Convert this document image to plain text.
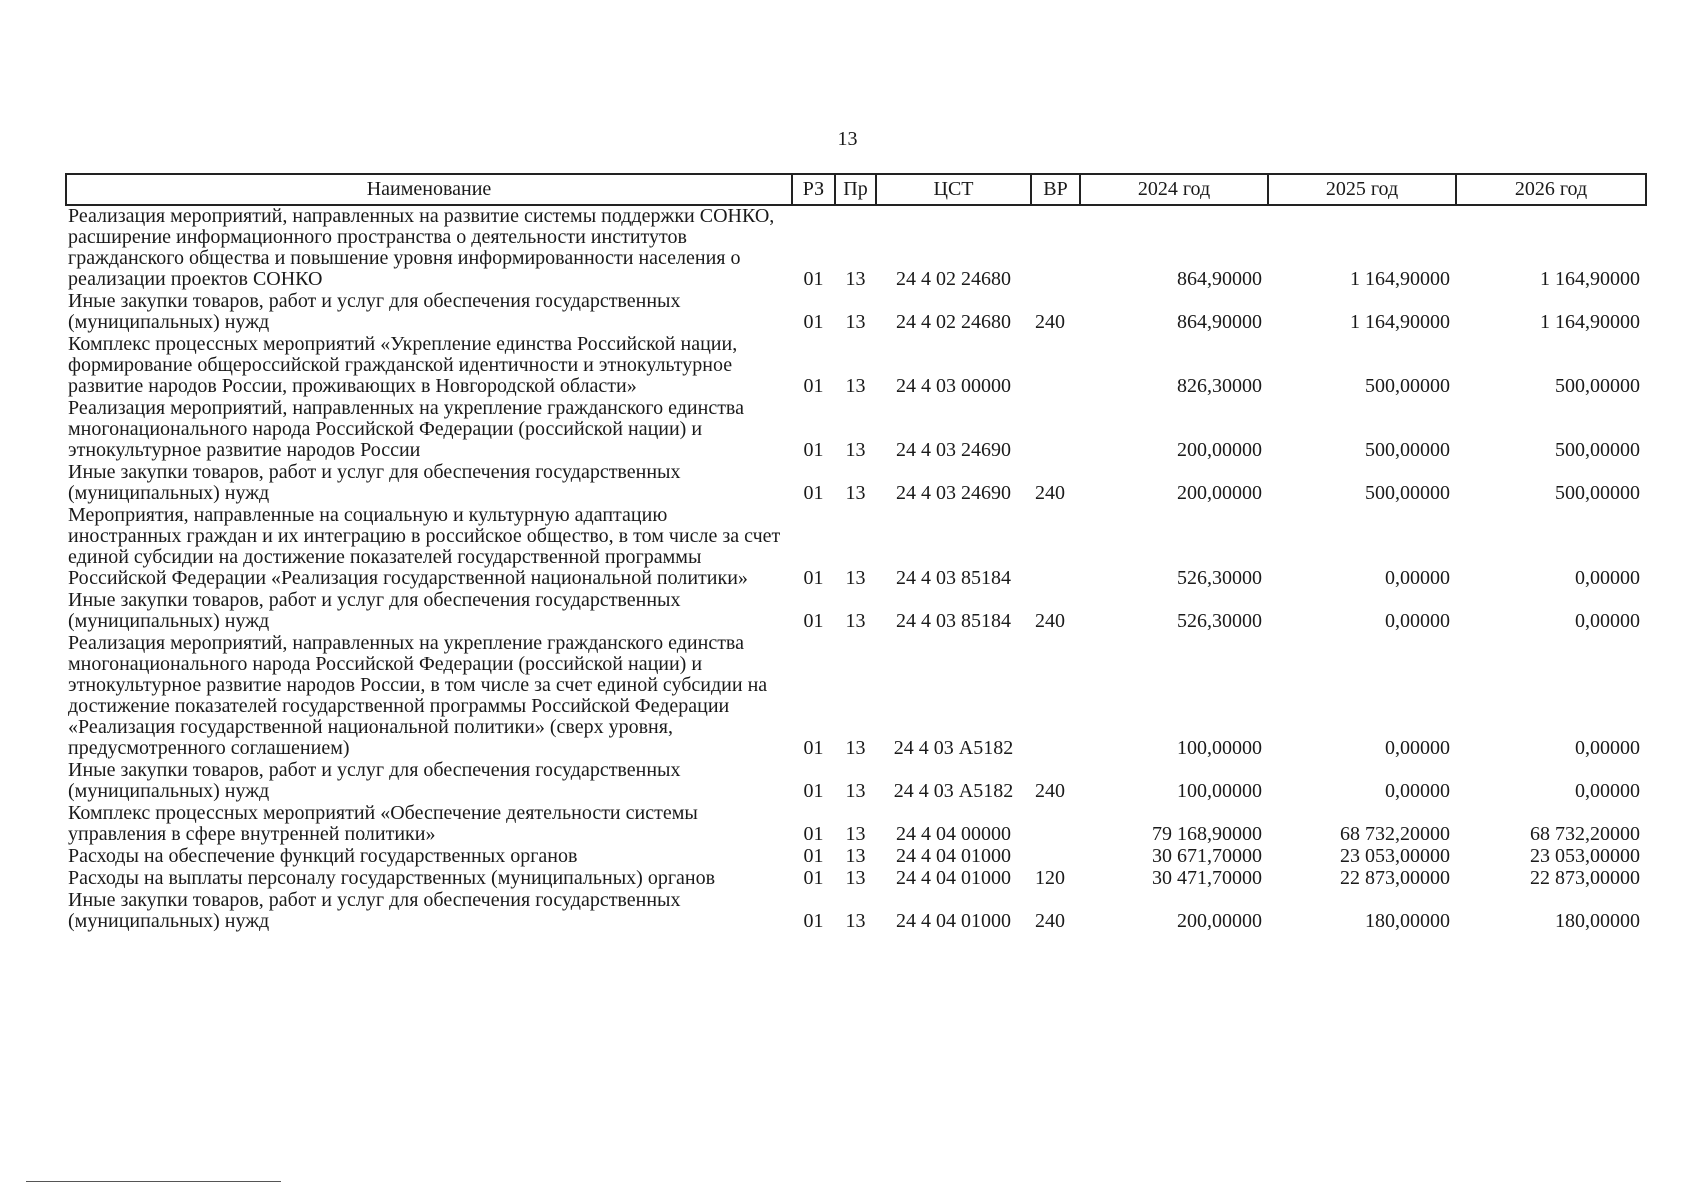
13
Наименование	РЗ	Пр	ЦСТ	ВР	2024 год	2025 год	2026 год
Реализация мероприятий, направленных на развитие системы поддержки СОНКО, расширение информационного пространства о деятельности институтов гражданского общества и повышение уровня информированности населения о реализации проектов СОНКО	01	13	24 4 02 24680		864,90000	1 164,90000	1 164,90000
Иные закупки товаров, работ и услуг для обеспечения государственных (муниципальных) нужд	01	13	24 4 02 24680	240	864,90000	1 164,90000	1 164,90000
Комплекс процессных мероприятий «Укрепление единства Российской нации, формирование общероссийской гражданской идентичности и этнокультурное развитие народов России, проживающих в Новгородской области»	01	13	24 4 03 00000		826,30000	500,00000	500,00000
Реализация мероприятий, направленных на укрепление гражданского единства многонационального народа Российской Федерации (российской нации) и этнокультурное развитие народов России	01	13	24 4 03 24690		200,00000	500,00000	500,00000
Иные закупки товаров, работ и услуг для обеспечения государственных (муниципальных) нужд	01	13	24 4 03 24690	240	200,00000	500,00000	500,00000
Мероприятия, направленные на социальную и культурную адаптацию иностранных граждан и их интеграцию в российское общество, в том числе за счет единой субсидии на достижение показателей государственной программы Российской Федерации «Реализация государственной национальной политики»	01	13	24 4 03 85184		526,30000	0,00000	0,00000
Иные закупки товаров, работ и услуг для обеспечения государственных (муниципальных) нужд	01	13	24 4 03 85184	240	526,30000	0,00000	0,00000
Реализация мероприятий, направленных на укрепление гражданского единства многонационального народа Российской Федерации (российской нации) и этнокультурное развитие народов России, в том числе за счет единой субсидии на достижение показателей государственной программы Российской Федерации «Реализация государственной национальной политики» (сверх уровня, предусмотренного соглашением)	01	13	24 4 03 А5182		100,00000	0,00000	0,00000
Иные закупки товаров, работ и услуг для обеспечения государственных (муниципальных) нужд	01	13	24 4 03 А5182	240	100,00000	0,00000	0,00000
Комплекс процессных мероприятий «Обеспечение деятельности системы управления в сфере внутренней политики»	01	13	24 4 04 00000		79 168,90000	68 732,20000	68 732,20000
Расходы на обеспечение функций государственных органов	01	13	24 4 04 01000		30 671,70000	23 053,00000	23 053,00000
Расходы на выплаты персоналу государственных (муниципальных) органов	01	13	24 4 04 01000	120	30 471,70000	22 873,00000	22 873,00000
Иные закупки товаров, работ и услуг для обеспечения государственных (муниципальных) нужд	01	13	24 4 04 01000	240	200,00000	180,00000	180,00000
